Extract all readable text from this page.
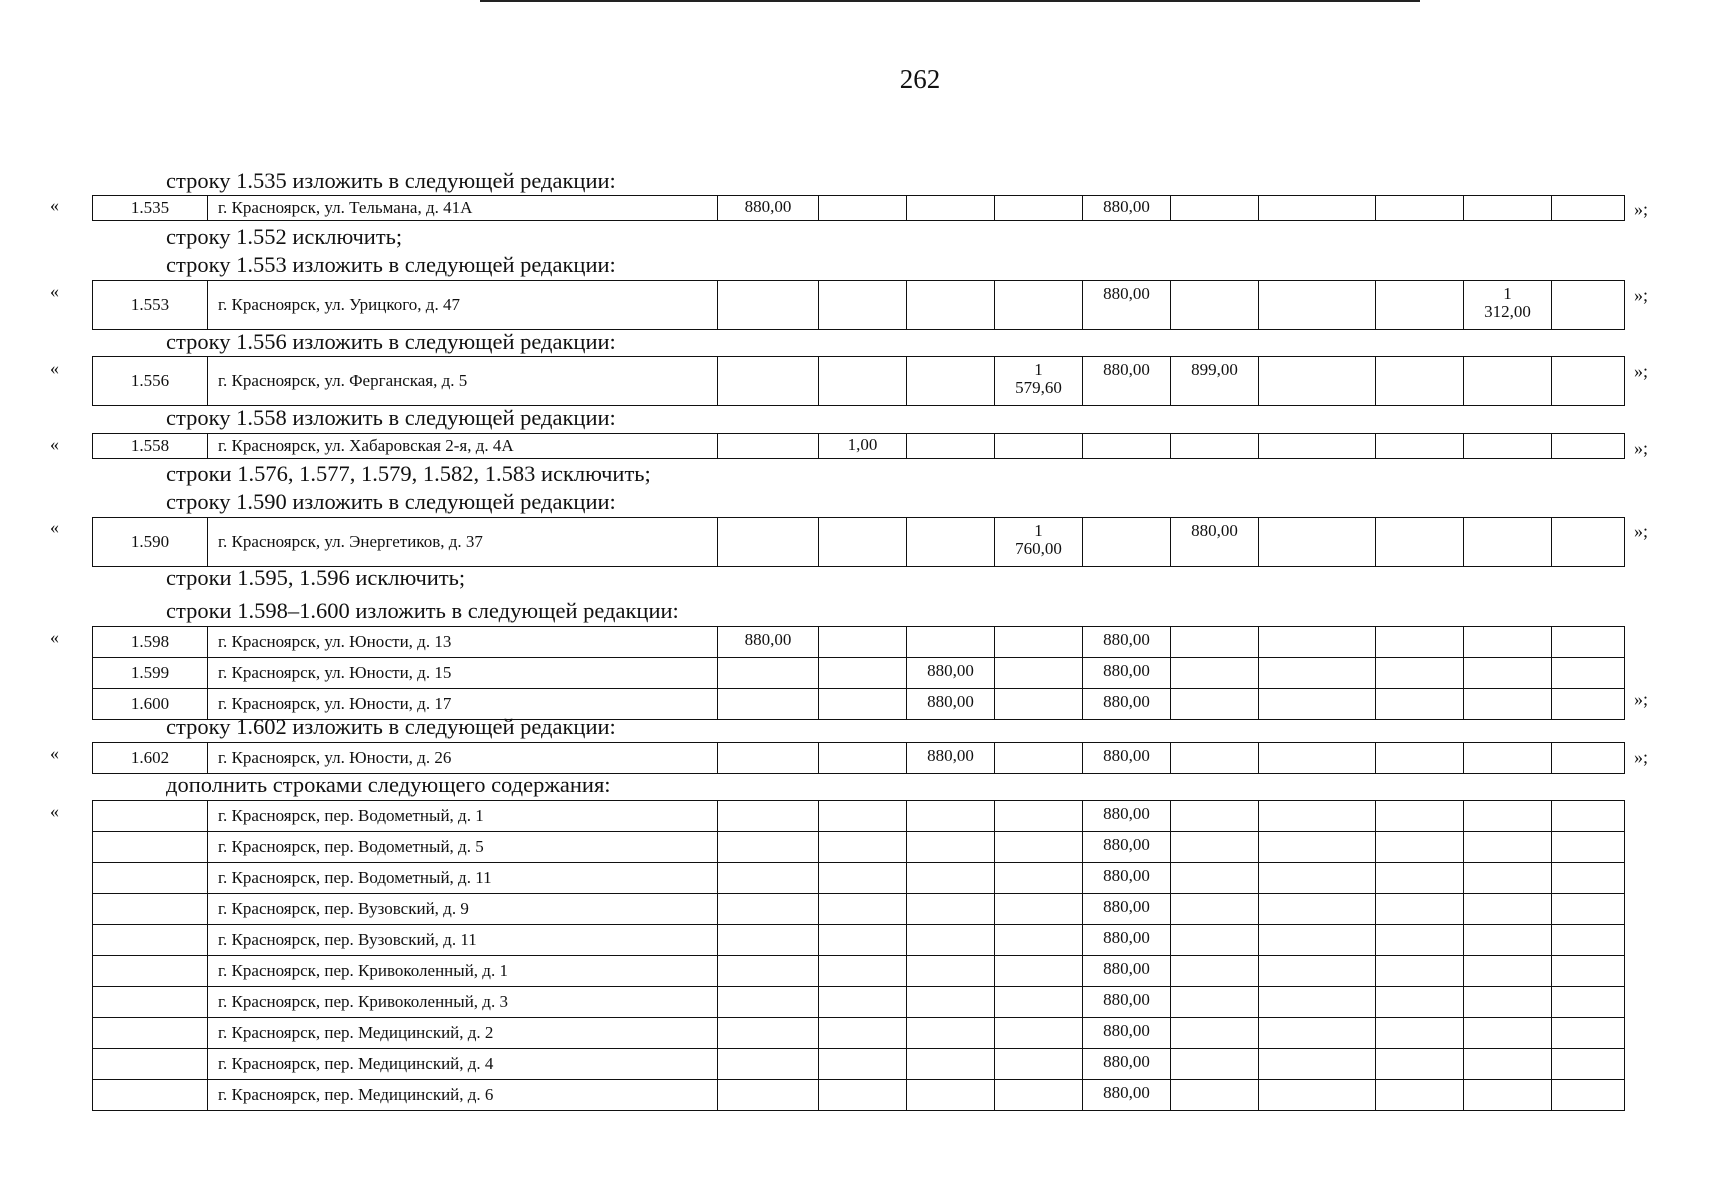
262
строку 1.535 изложить в следующей редакции:
строку 1.552 исключить;
строку 1.553 изложить в следующей редакции:
строку 1.556 изложить в следующей редакции:
строку 1.558 изложить в следующей редакции:
строки 1.576, 1.577, 1.579, 1.582, 1.583 исключить;
строку 1.590 изложить в следующей редакции:
строки 1.595, 1.596 исключить;
строки 1.598–1.600 изложить в следующей редакции:
строку 1.602 изложить в следующей редакции:
дополнить строками следующего содержания:
«
«
«
«
«
«
«
«
»;
»;
»;
»;
»;
»;
»;
1.535	г. Красноярск, ул. Тельмана, д. 41А	880,00				880,00					
1.553	г. Красноярск, ул. Урицкого, д. 47					880,00				1
312,00	
1.556	г. Красноярск, ул. Ферганская, д. 5				1
579,60	880,00	899,00				
1.558	г. Красноярск, ул. Хабаровская 2-я, д. 4А		1,00								
1.590	г. Красноярск, ул. Энергетиков, д. 37				1
760,00		880,00				
1.598	г. Красноярск, ул. Юности, д. 13	880,00				880,00					
1.599	г. Красноярск, ул. Юности, д. 15			880,00		880,00					
1.600	г. Красноярск, ул. Юности, д. 17			880,00		880,00					
1.602	г. Красноярск, ул. Юности, д. 26			880,00		880,00					
	г. Красноярск, пер. Водометный, д. 1					880,00					
	г. Красноярск, пер. Водометный, д. 5					880,00					
	г. Красноярск, пер. Водометный, д. 11					880,00					
	г. Красноярск, пер. Вузовский, д. 9					880,00					
	г. Красноярск, пер. Вузовский, д. 11					880,00					
	г. Красноярск, пер. Кривоколенный, д. 1					880,00					
	г. Красноярск, пер. Кривоколенный, д. 3					880,00					
	г. Красноярск, пер. Медицинский, д. 2					880,00					
	г. Красноярск, пер. Медицинский, д. 4					880,00					
	г. Красноярск, пер. Медицинский, д. 6					880,00					
